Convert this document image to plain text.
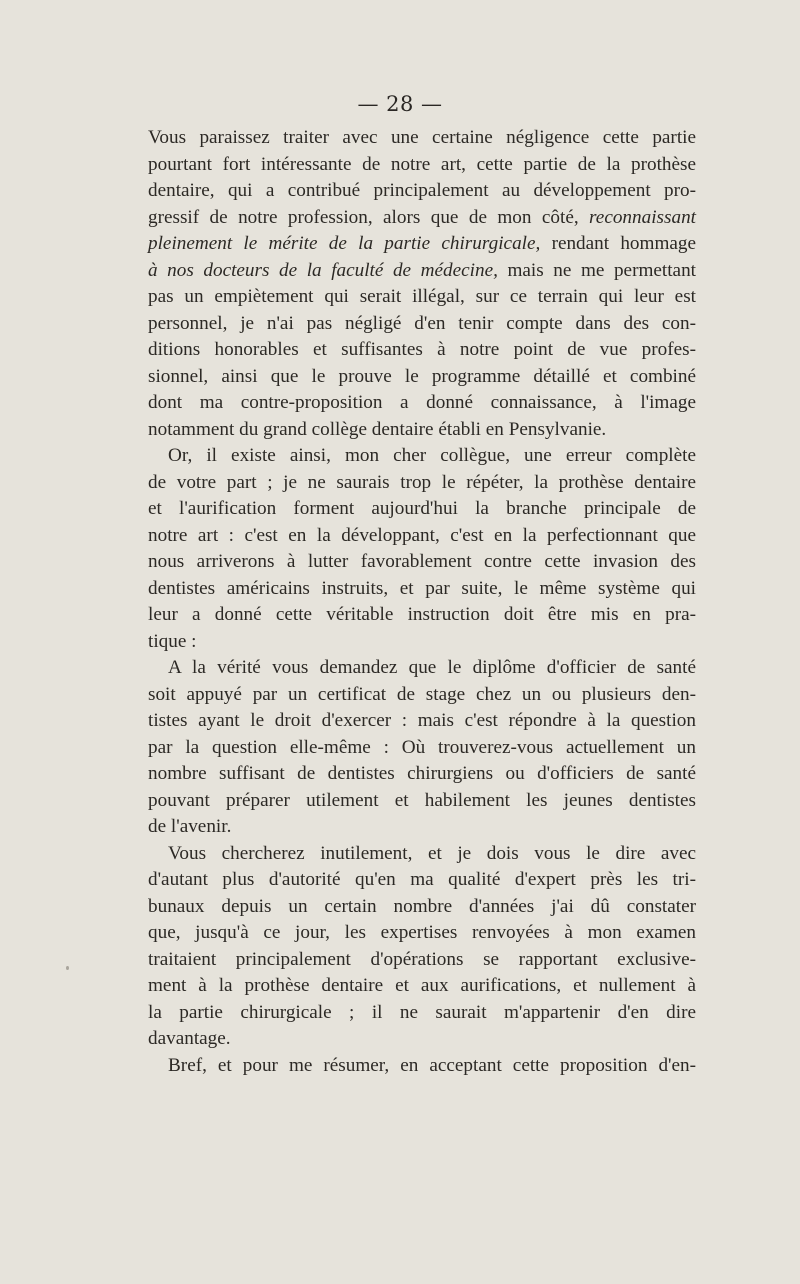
— 28 —
Vous paraissez traiter avec une certaine négligence cette partie
pourtant fort intéressante de notre art, cette partie de la prothèse
dentaire, qui a contribué principalement au développement pro-
gressif de notre profession, alors que de mon côté, reconnaissant
pleinement le mérite de la partie chirurgicale, rendant hommage
à nos docteurs de la faculté de médecine, mais ne me permettant
pas un empiètement qui serait illégal, sur ce terrain qui leur est
personnel, je n'ai pas négligé d'en tenir compte dans des con-
ditions honorables et suffisantes à notre point de vue profes-
sionnel, ainsi que le prouve le programme détaillé et combiné
dont ma contre-proposition a donné connaissance, à l'image
notamment du grand collège dentaire établi en Pensylvanie.
Or, il existe ainsi, mon cher collègue, une erreur complète
de votre part ; je ne saurais trop le répéter, la prothèse dentaire
et l'aurification forment aujourd'hui la branche principale de
notre art : c'est en la développant, c'est en la perfectionnant que
nous arriverons à lutter favorablement contre cette invasion des
dentistes américains instruits, et par suite, le même système qui
leur a donné cette véritable instruction doit être mis en pra-
tique :
A la vérité vous demandez que le diplôme d'officier de santé
soit appuyé par un certificat de stage chez un ou plusieurs den-
tistes ayant le droit d'exercer : mais c'est répondre à la question
par la question elle-même : Où trouverez-vous actuellement un
nombre suffisant de dentistes chirurgiens ou d'officiers de santé
pouvant préparer utilement et habilement les jeunes dentistes
de l'avenir.
Vous chercherez inutilement, et je dois vous le dire avec
d'autant plus d'autorité qu'en ma qualité d'expert près les tri-
bunaux depuis un certain nombre d'années j'ai dû constater
que, jusqu'à ce jour, les expertises renvoyées à mon examen
traitaient principalement d'opérations se rapportant exclusive-
ment à la prothèse dentaire et aux aurifications, et nullement à
la partie chirurgicale ; il ne saurait m'appartenir d'en dire
davantage.
Bref, et pour me résumer, en acceptant cette proposition d'en-
